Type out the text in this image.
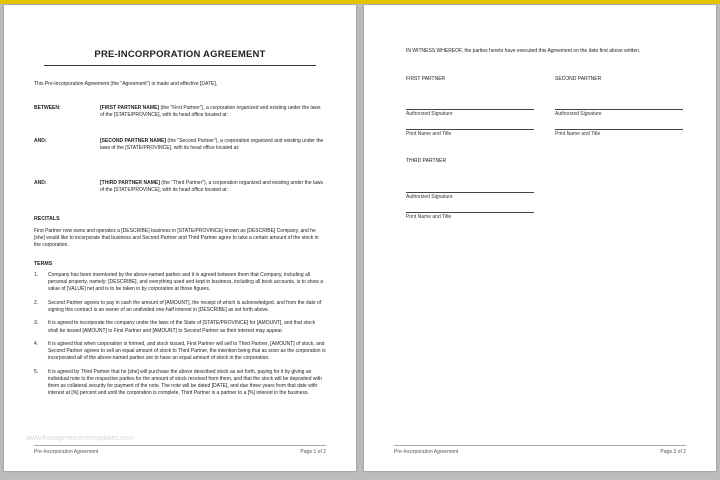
PRE-INCORPORATION AGREEMENT
This Pre-Incorporation Agreement (the "Agreement") is made and effective [DATE],
BETWEEN:	[FIRST PARTNER NAME] (the "First Partner"), a corporation organized and existing under the laws of the [STATE/PROVINCE], with its head office located at:
AND:	[SECOND PARTNER NAME] (the "Second Partner"), a corporation organized and existing under the laws of the [STATE/PROVINCE], with its head office located at:
AND:	[THIRD PARTNER NAME] (the "Third Partner"), a corporation organized and existing under the laws of the [STATE/PROVINCE], with its head office located at:
RECITALS
First Partner now owns and operates a [DESCRIBE] business in [STATE/PROVINCE] known as [DESCRIBE] Company, and he [she] would like to incorporate that business and Second Partner and Third Partner agree to take a certain amount of the stock in the corporation.
TERMS
1. Company has been inventoried by the above-named parties and it is agreed between them that Company, including all personal property, namely: [DESCRIBE], and everything used and kept in business, including all book accounts, is to show a value of [VALUE] net and is to be taken in by corporation at those figures.
2. Second Partner agrees to pay in cash the amount of [AMOUNT], the receipt of which is acknowledged, and from the date of signing this contract is an owner of an undivided one-half interest in [DESCRIBE] as set forth above.
3. It is agreed to incorporate the company under the laws of the State of [STATE/PROVINCE] for [AMOUNT], and that stock shall be issued [AMOUNT] to First Partner and [AMOUNT] to Second Partner as their interest may appear.
4. It is agreed that when corporation is formed, and stock issued, First Partner will sell to Third Partner, [AMOUNT] of stock, and Second Partner agrees to sell an equal amount of stock to Third Partner, the intention being that as soon as the corporation is incorporated all of the above-named parties are to have an equal amount of stock in the corporation.
5. It is agreed by Third Partner that he [she] will purchase the above described stock as set forth, paying for it by giving an individual note to the respective parties for the amount of stock received from them, and that the stock will be deposited with them as collateral security for payment of the note. The note will be dated [DATE], and due three years from that date with interest at [%] percent and until the corporation is complete, Third Partner is a partner to a [%] interest in the business.
www.freeagreementtemplates.com
Pre-Incorporation Agreement	Page 1 of 2
IN WITNESS WHEREOF, the parties hereto have executed this Agreement on the date first above written.
FIRST PARTNER	SECOND PARTNER
Authorized Signature	Authorized Signature
Print Name and Title	Print Name and Title
THIRD PARTNER
Authorized Signature
Print Name and Title
Pre-Incorporation Agreement	Page 2 of 2
